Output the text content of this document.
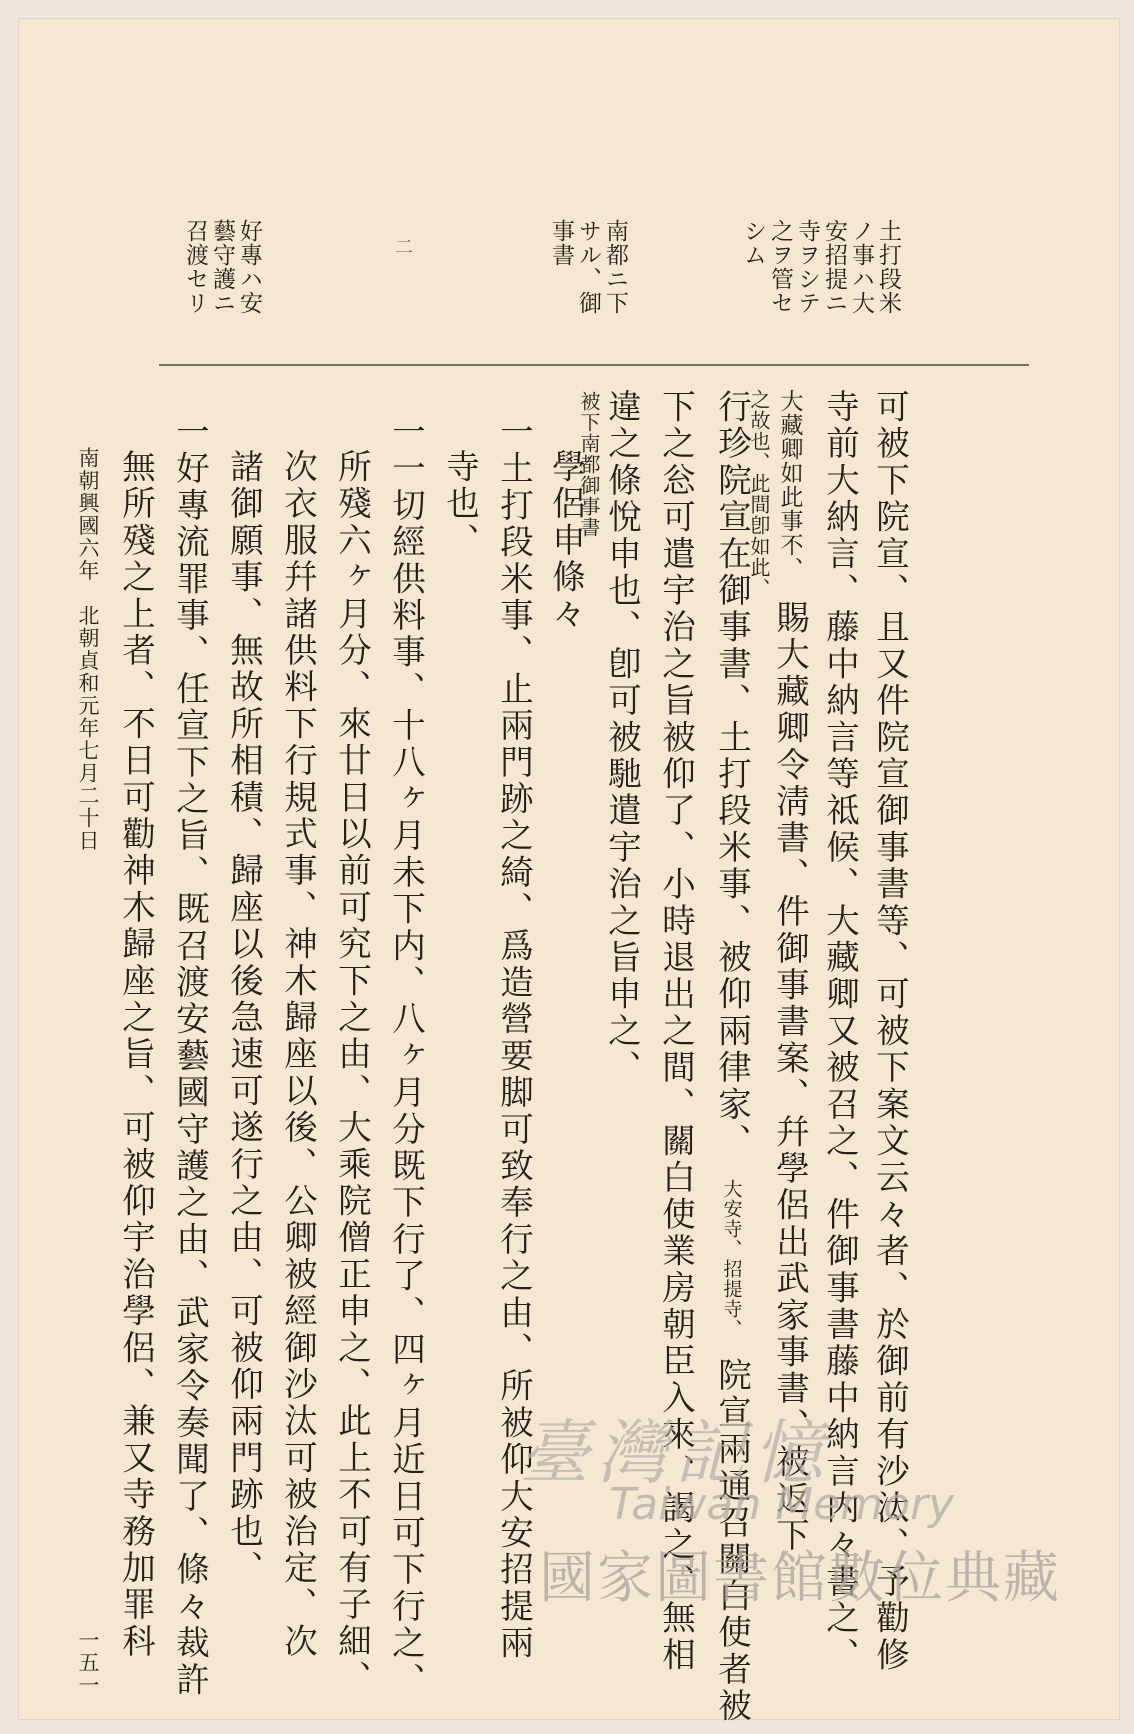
土打段米
ノ事ハ大
安招提ニ
寺ヲシテ
之ヲ管セ
シム
南都ニ下
サル、御
事書
好專ハ安
藝守護ニ
召渡セリ	二
可被下院宣、且又件院宣御事書等、可被下案文云々者、於御前有沙汰、予勸修
寺前大納言、藤中納言等祗候、大藏卿又被召之、件御事書藤中納言内々書之、
大藏卿如此事不、 賜大藏卿令淸書、件御事書案、幷學侶出武家事書、被返下
之故也、此間卽如此、
行珍院宣在御事書、土打段米事、被仰兩律家、 大安寺、招提寺、 院宣兩通召關白使者被
下之忩可遣宇治之旨被仰了、小時退出之間、關白使業房朝臣入來、謁之、無相
違之條悅申也、卽可被馳遣宇治之旨申之、
被下南都御事書
學侶申條々
一土打段米事、止兩門跡之綺、爲造營要脚可致奉行之由、所被仰大安招提兩
寺也、
一一切經供料事、十八ヶ月未下内、八ヶ月分既下行了、四ヶ月近日可下行之、
所殘六ヶ月分、來廿日以前可究下之由、大乘院僧正申之、此上不可有子細、
次衣服幷諸供料下行規式事、神木歸座以後、公卿被經御沙汰可被治定、次
諸御願事、無故所相積、歸座以後急速可遂行之由、可被仰兩門跡也、
一好專流罪事、任宣下之旨、既召渡安藝國守護之由、武家令奏聞了、條々裁許
無所殘之上者、不日可勸神木歸座之旨、可被仰宇治學侶、兼又寺務加罪科
南朝興國六年　北朝貞和元年七月二十日
一五一
臺灣記憶
Taiwan Memory
國家圖書館數位典藏
